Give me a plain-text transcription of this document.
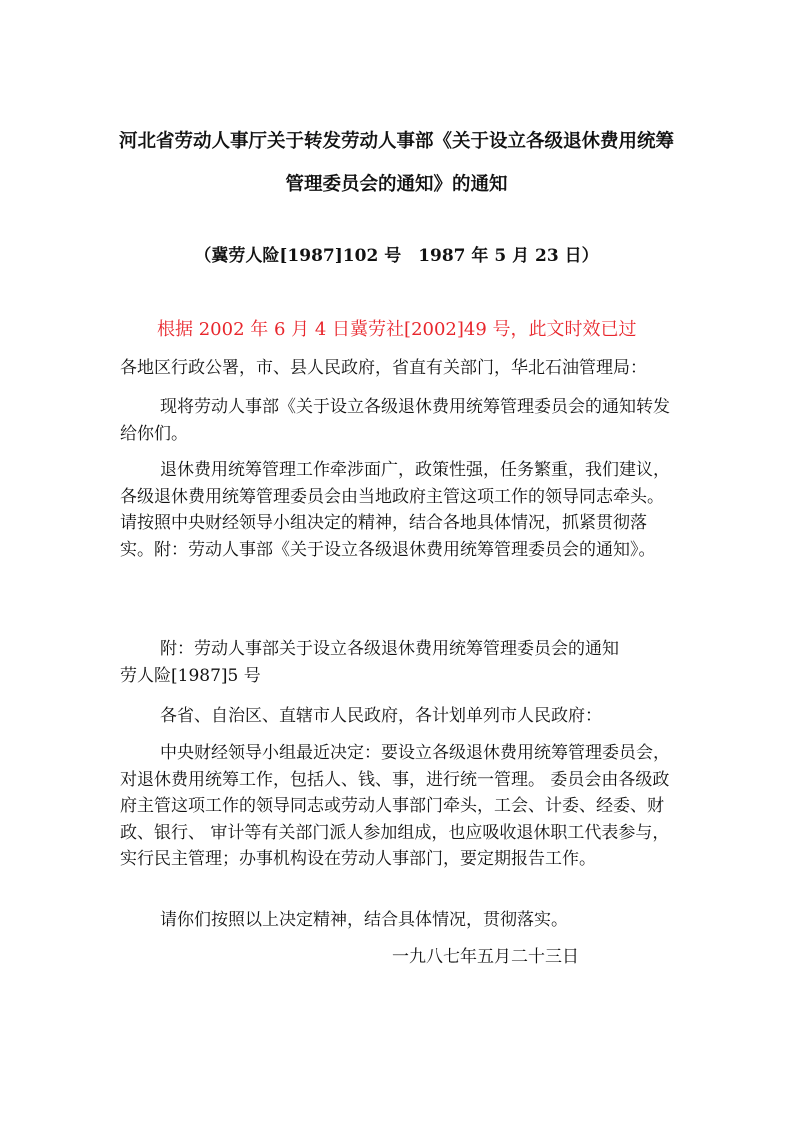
河北省劳动人事厅关于转发劳动人事部《关于设立各级退休费用统筹
管理委员会的通知》的通知
（冀劳人险[1987]102 号　1987 年 5 月 23 日）
根据 2002 年 6 月 4 日冀劳社[2002]49 号，此文时效已过
各地区行政公署，市、县人民政府，省直有关部门，华北石油管理局：
现将劳动人事部《关于设立各级退休费用统筹管理委员会的通知转发给你们。
退休费用统筹管理工作牵涉面广，政策性强，任务繁重，我们建议， 各级退休费用统筹管理委员会由当地政府主管这项工作的领导同志牵头。 请按照中央财经领导小组决定的精神，结合各地具体情况，抓紧贯彻落实。附：劳动人事部《关于设立各级退休费用统筹管理委员会的通知》。
附：劳动人事部关于设立各级退休费用统筹管理委员会的通知
劳人险[1987]5 号
各省、自治区、直辖市人民政府，各计划单列市人民政府：
中央财经领导小组最近决定：要设立各级退休费用统筹管理委员会，对退休费用统筹工作，包括人、钱、事，进行统一管理。 委员会由各级政府主管这项工作的领导同志或劳动人事部门牵头，工会、计委、经委、财政、银行、 审计等有关部门派人参加组成，也应吸收退休职工代表参与，实行民主管理；办事机构设在劳动人事部门，要定期报告工作。
请你们按照以上决定精神，结合具体情况，贯彻落实。
一九八七年五月二十三日
